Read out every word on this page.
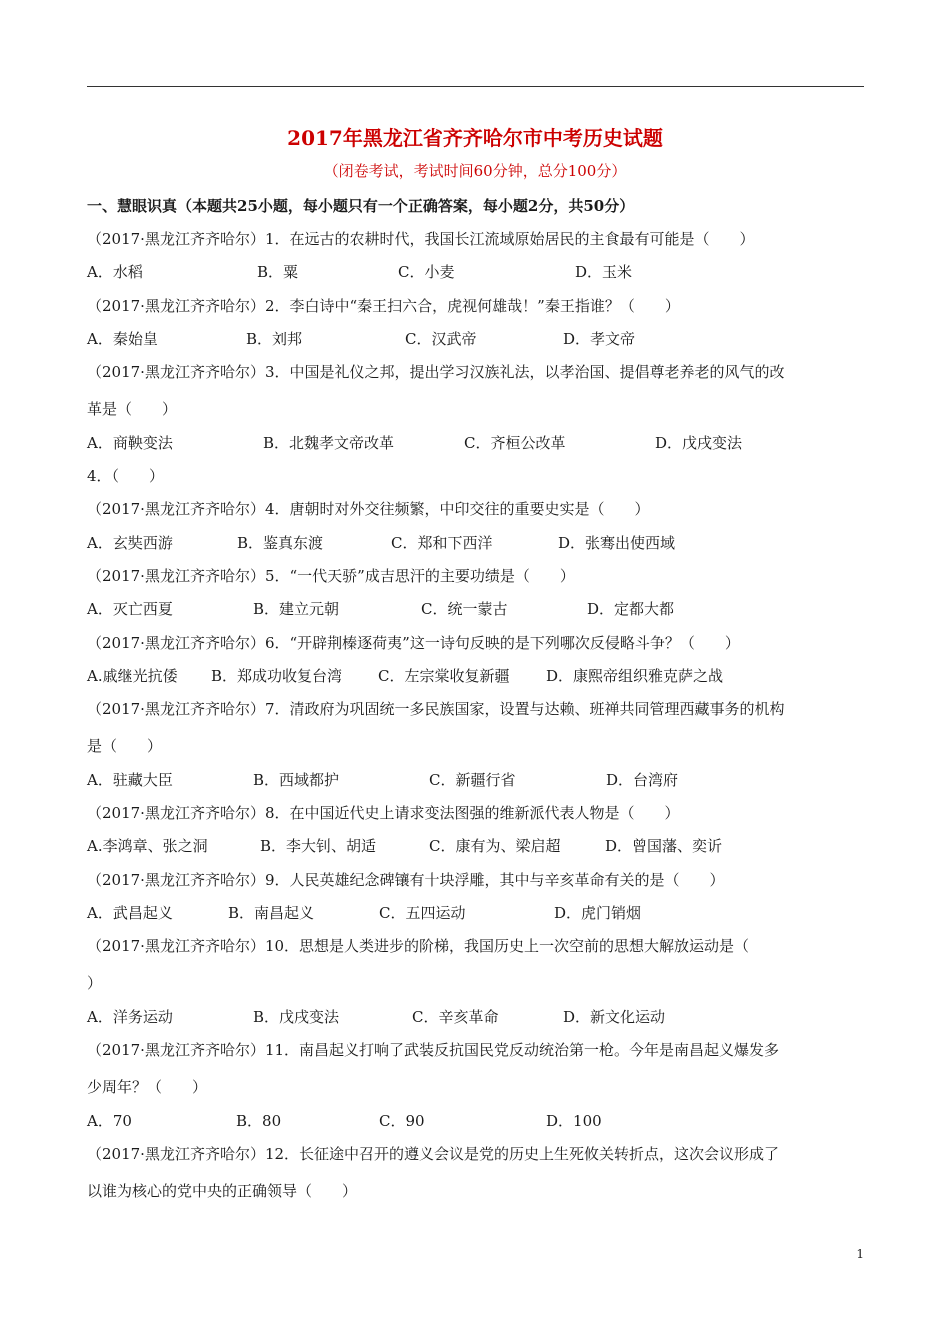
2017年黑龙江省齐齐哈尔市中考历史试题
（闭卷考试，考试时间60分钟，总分100分）
一、慧眼识真（本题共25小题，每小题只有一个正确答案，每小题2分，共50分）
（2017·黑龙江齐齐哈尔）1．在远古的农耕时代，我国长江流域原始居民的主食最有可能是（　　）
A．水稻	B．粟	C．小麦	D．玉米
（2017·黑龙江齐齐哈尔）2．李白诗中“秦王扫六合，虎视何雄哉！”秦王指谁？（　　）
A．秦始皇	B．刘邦	C．汉武帝	D．孝文帝
（2017·黑龙江齐齐哈尔）3．中国是礼仪之邦，提出学习汉族礼法，以孝治国、提倡尊老养老的风气的改
革是（　　）
A．商鞅变法	B．北魏孝文帝改革	C．齐桓公改革	D．戊戌变法
4．（　　）
（2017·黑龙江齐齐哈尔）4．唐朝时对外交往频繁，中印交往的重要史实是（　　）
A．玄奘西游	B．鉴真东渡	C．郑和下西洋	D．张骞出使西域
（2017·黑龙江齐齐哈尔）5．“一代天骄”成吉思汗的主要功绩是（　　）
A．灭亡西夏	B．建立元朝	C．统一蒙古	D．定都大都
（2017·黑龙江齐齐哈尔）6．“开辟荆榛逐荷夷”这一诗句反映的是下列哪次反侵略斗争？（　　）
A.戚继光抗倭 B．郑成功收复台湾 C．左宗棠收复新疆 D．康熙帝组织雅克萨之战
（2017·黑龙江齐齐哈尔）7．清政府为巩固统一多民族国家，设置与达赖、班禅共同管理西藏事务的机构
是（　　）
A．驻藏大臣	B．西域都护	C．新疆行省	D．台湾府
（2017·黑龙江齐齐哈尔）8．在中国近代史上请求变法图强的维新派代表人物是（　　）
A.李鸿章、张之洞	B．李大钊、胡适	C．康有为、梁启超	D．曾国藩、奕䜣
（2017·黑龙江齐齐哈尔）9．人民英雄纪念碑镶有十块浮雕，其中与辛亥革命有关的是（　　）
A．武昌起义	B．南昌起义	C．五四运动	D．虎门销烟
（2017·黑龙江齐齐哈尔）10．思想是人类进步的阶梯，我国历史上一次空前的思想大解放运动是（
）
A．洋务运动	B．戊戌变法	C．辛亥革命	D．新文化运动
（2017·黑龙江齐齐哈尔）11．南昌起义打响了武装反抗国民党反动统治第一枪。今年是南昌起义爆发多
少周年？（　　）
A．70	B．80	C．90	D．100
（2017·黑龙江齐齐哈尔）12．长征途中召开的遵义会议是党的历史上生死攸关转折点，这次会议形成了
以谁为核心的党中央的正确领导（　　）
1
